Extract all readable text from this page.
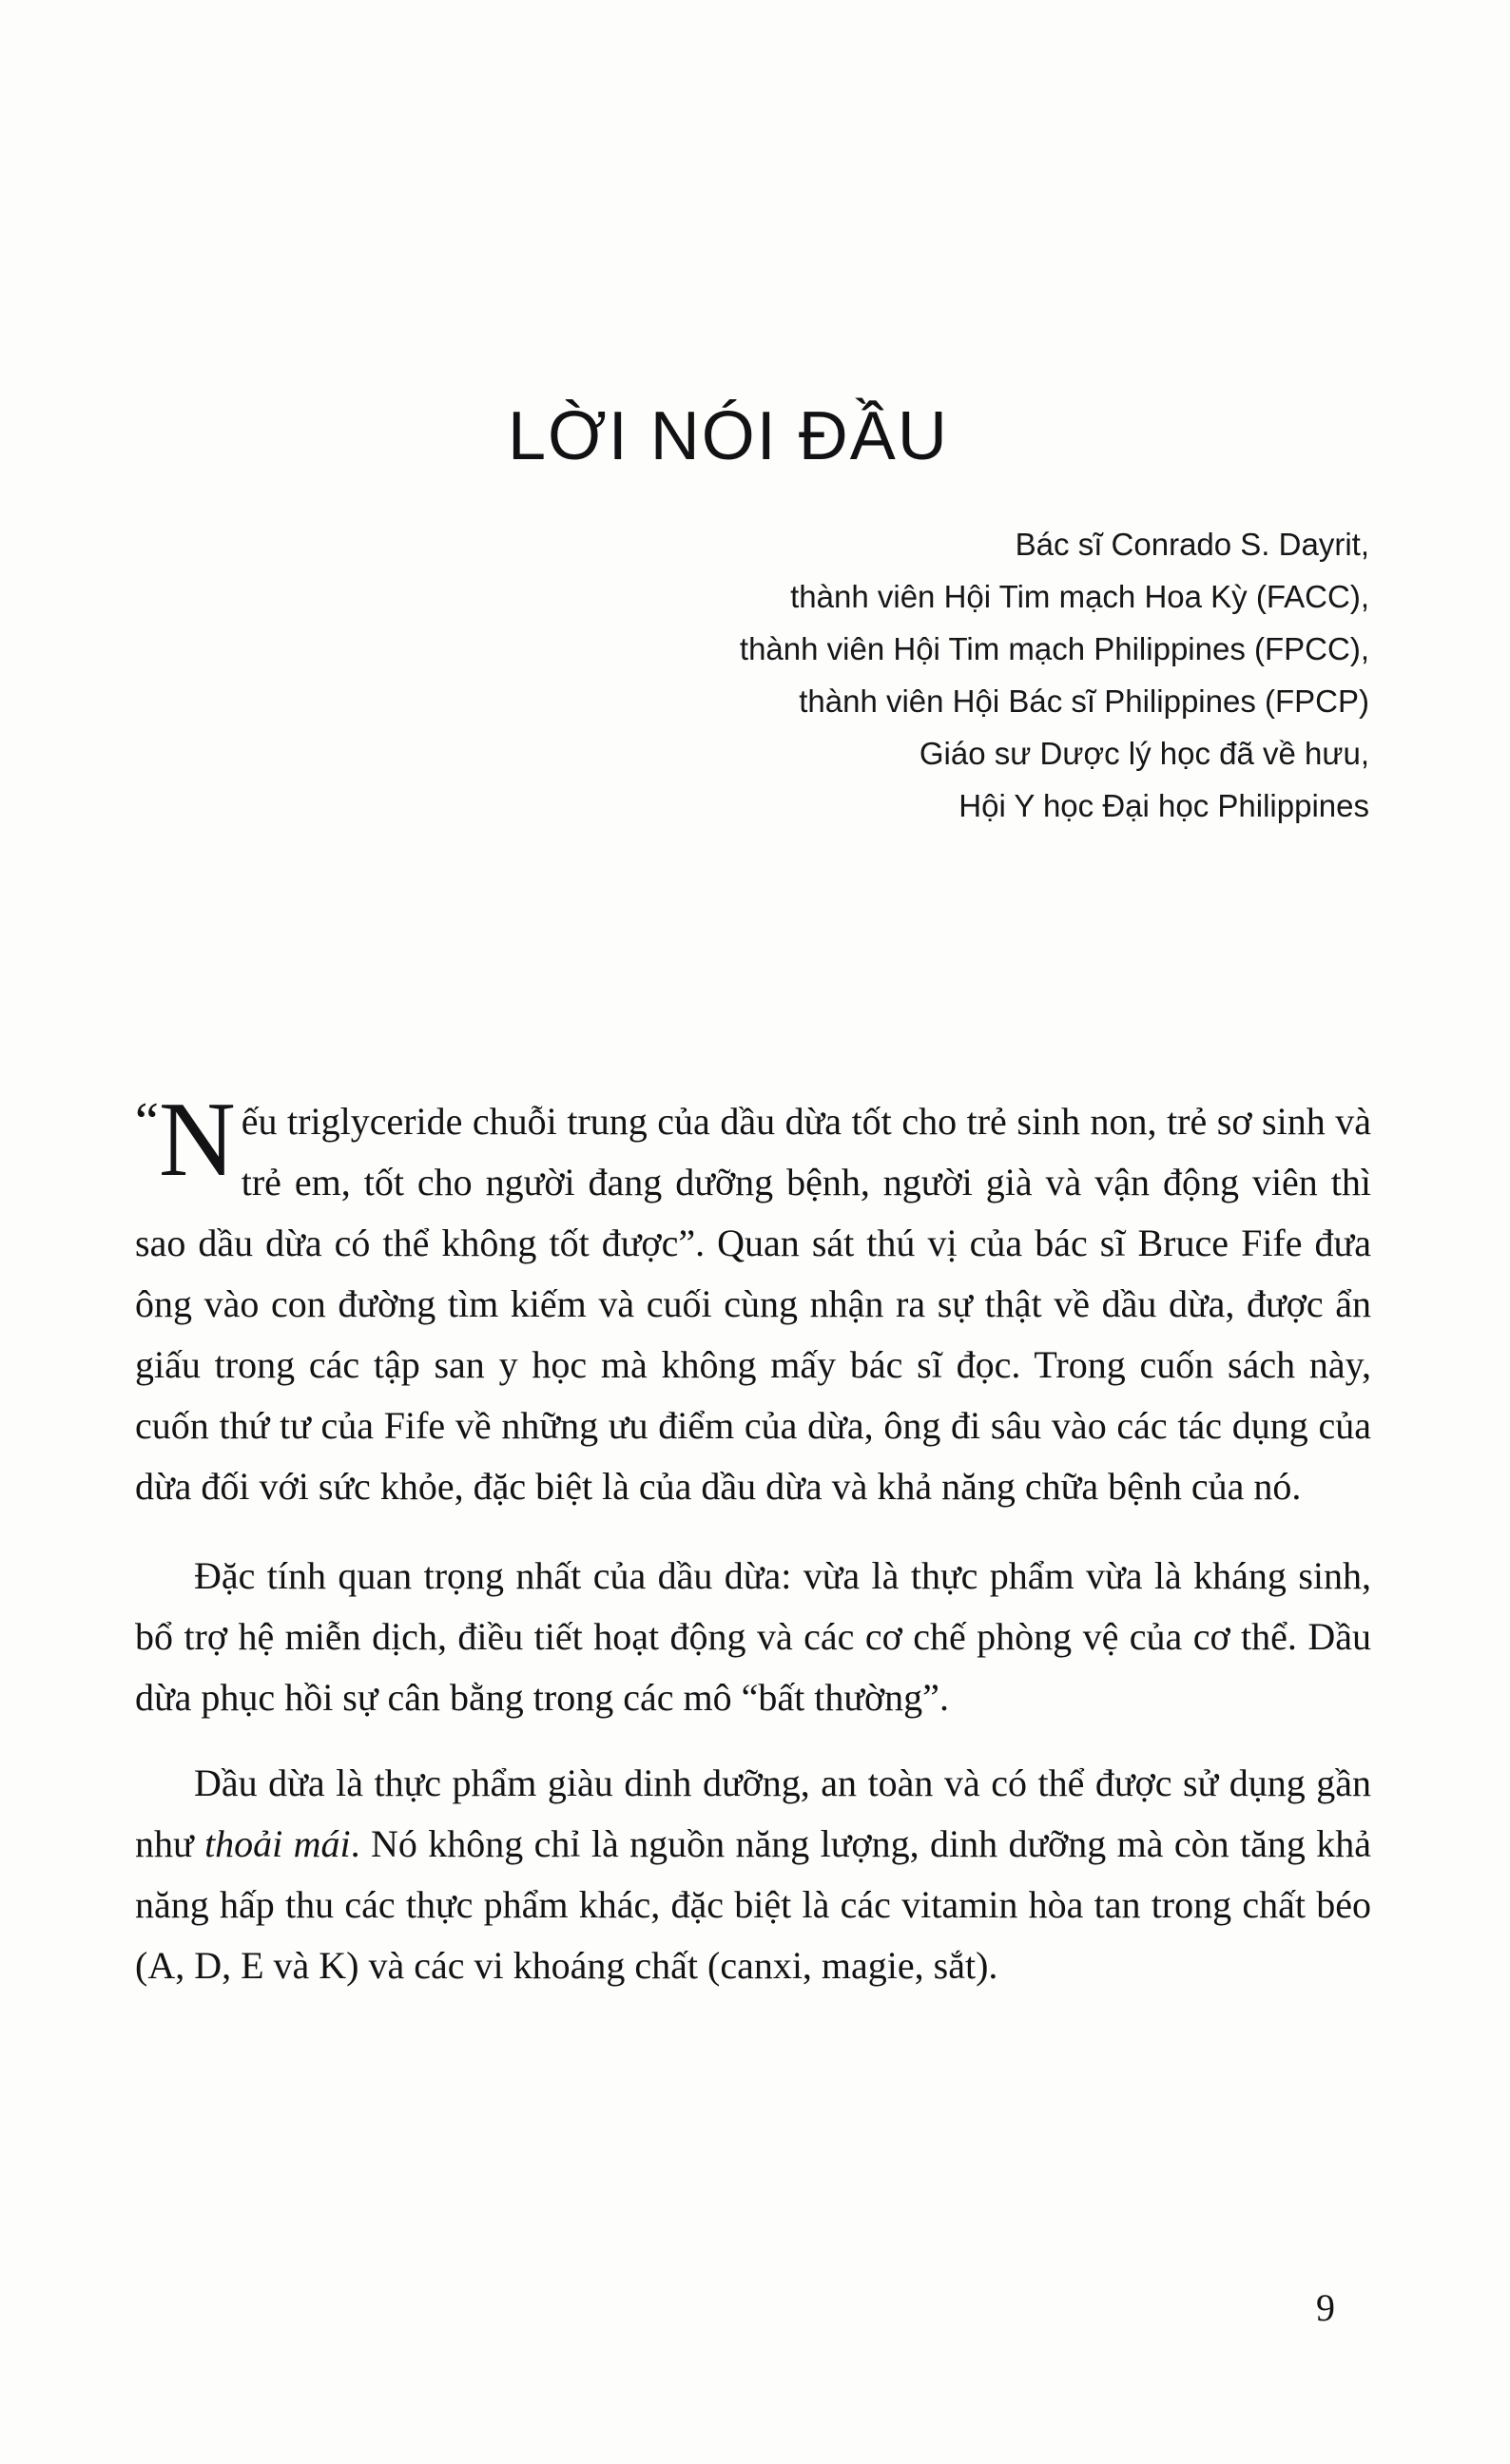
LỜI NÓI ĐẦU
Bác sĩ Conrado S. Dayrit,
thành viên Hội Tim mạch Hoa Kỳ (FACC),
thành viên Hội Tim mạch Philippines (FPCC),
thành viên Hội Bác sĩ Philippines (FPCP)
Giáo sư Dược lý học đã về hưu,
Hội Y học Đại học Philippines

“ N ếu triglyceride chuỗi trung của dầu dừa tốt cho trẻ sinh non, trẻ sơ sinh và trẻ em, tốt cho người đang dưỡng bệnh, người già và vận động viên thì sao dầu dừa có thể không tốt được”. Quan sát thú vị của bác sĩ Bruce Fife đưa ông vào con đường tìm kiếm và cuối cùng nhận ra sự thật về dầu dừa, được ẩn giấu trong các tập san y học mà không mấy bác sĩ đọc. Trong cuốn sách này, cuốn thứ tư của Fife về những ưu điểm của dừa, ông đi sâu vào các tác dụng của dừa đối với sức khỏe, đặc biệt là của dầu dừa và khả năng chữa bệnh của nó.

Đặc tính quan trọng nhất của dầu dừa: vừa là thực phẩm vừa là kháng sinh, bổ trợ hệ miễn dịch, điều tiết hoạt động và các cơ chế phòng vệ của cơ thể. Dầu dừa phục hồi sự cân bằng trong các mô “bất thường”.

Dầu dừa là thực phẩm giàu dinh dưỡng, an toàn và có thể được sử dụng gần như thoải mái. Nó không chỉ là nguồn năng lượng, dinh dưỡng mà còn tăng khả năng hấp thu các thực phẩm khác, đặc biệt là các vitamin hòa tan trong chất béo (A, D, E và K) và các vi khoáng chất (canxi, magie, sắt).

9
